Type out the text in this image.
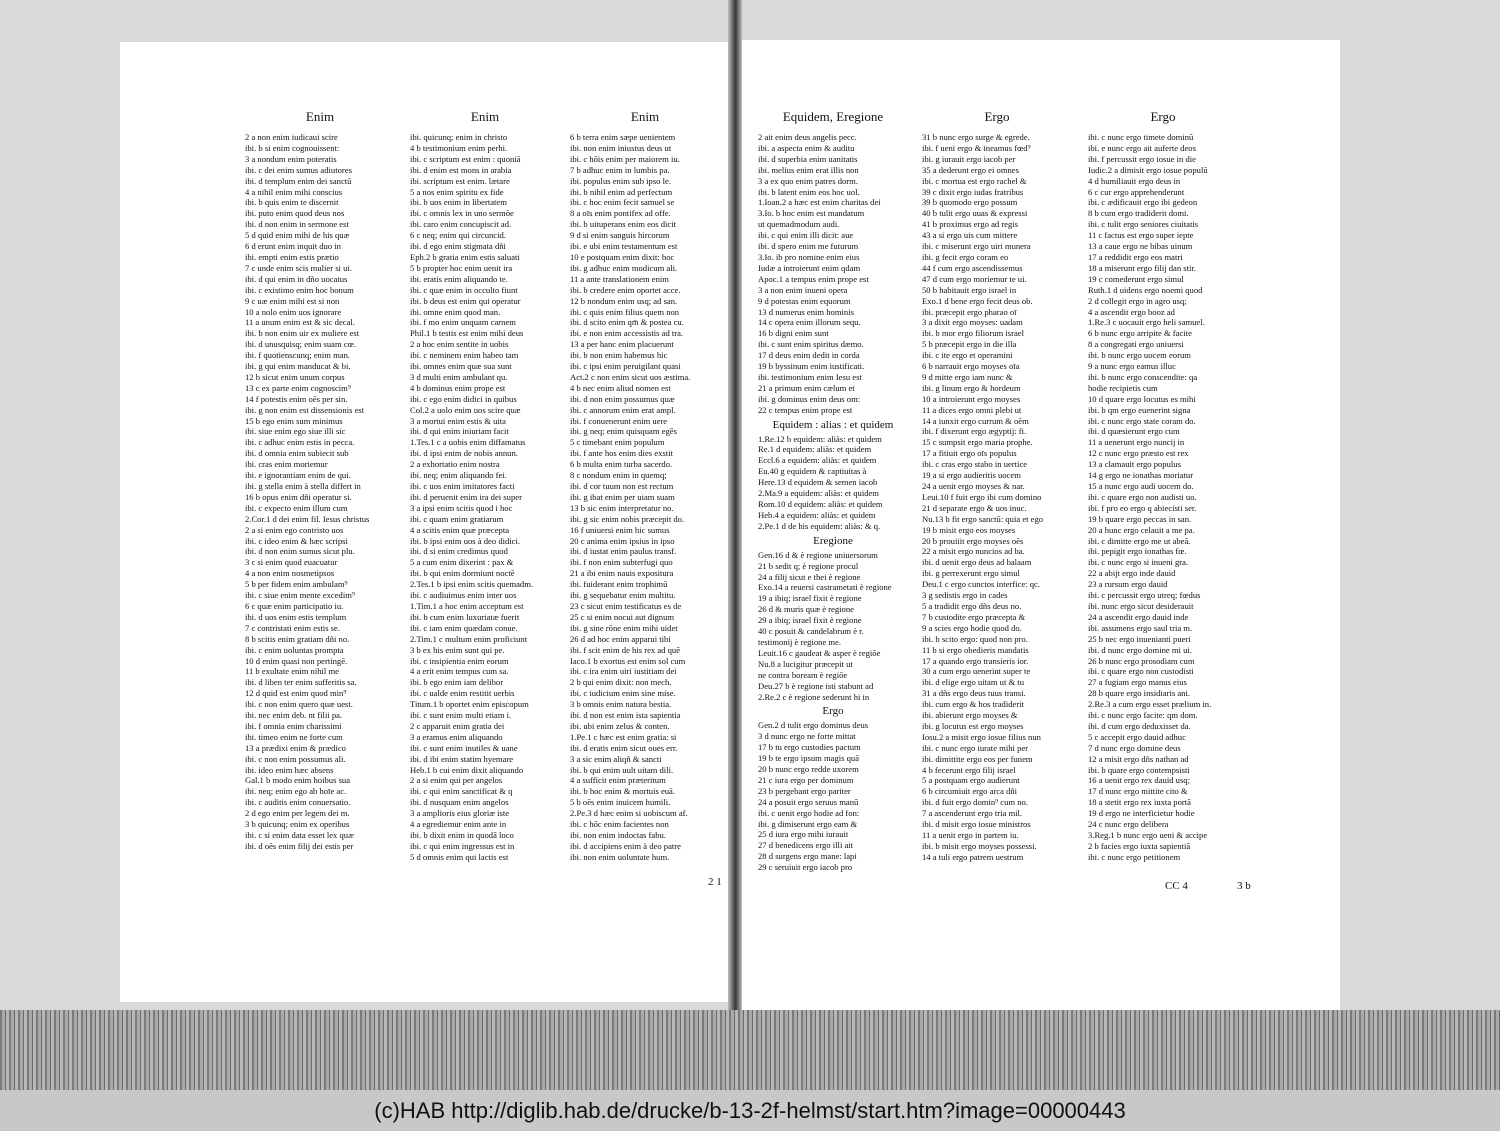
Enim
2 a non enim iudicaui scire
ibi. b si enim cognouissent:
3 a nondum enim poteratis
ibi. c dei enim sumus adiutores
ibi. d templum enim dei sanctū
4 a nihil enim mihi conscius
ibi. b quis enim te discernit
ibi. puto enim quod deus nos
ibi. d non enim in sermone est
5 d quid enim mihi de his quæ
6 d erunt enim inquit duo in
ibi. empti enim estis prætio
7 c unde enim scis mulier si ui.
ibi. d qui enim in dño uocatus
ibi. c existimo enim hoc bonum
9 c uæ enim mihi est si non
10 a nolo enim uos ignorare
11 a unum enim est & sic decal.
ibi. b non enim uir ex muliere est
ibi. d unusquisq; enim suam cœ.
ibi. f quotienscunq; enim man.
ibi. g qui enim manducat & bi.
12 b sicut enim unum corpus
13 c ex parte enim cognoscim⁹
14 f potestis enim oēs per sin.
ibi. g non enim est dissensionis est
15 b ego enim sum minimus
ibi. siue enim ego siue illi sic
ibi. c adhuc enim estis in pecca.
ibi. d omnia enim subiecit sub
ibi. cras enim moriemur
ibi. e ignorantiam enim de qui.
ibi. g stella enim à stella differt in
16 b opus enim dñi operatur si.
ibi. c expecto enim illum cum
2.Cor.1 d dei enim fil. Iesus christus
2 a si enim ego contristo uos
ibi. c ideo enim & hæc scripsi
ibi. d non enim sumus sicut plu.
3 c si enim quod euacuatur
4 a non enim nosmetipsos
5 b per fidem enim ambulam⁹
ibi. c siue enim mente excedim⁹
6 c quæ enim participatio iu.
ibi. d uos enim estis templum
7 c contristati enim estis se.
8 b scitis enim gratiam dñi no.
ibi. c enim uoluntas prompta
10 d enim quasi non pertingē.
11 b exultate enim nihil me
ibi. d liben ter enim sufferitis sa.
12 d quid est enim quod min⁹
ibi. c non enim quero quæ uest.
ibi. nec enim deb. nt filii pa.
ibi. f omnia enim charissimi
ibi. timeo enim ne forte cum
13 a prædixi enim & prædico
ibi. c non enim possumus ali.
ibi. ideo enim hæc absens
Gal.1 b modo enim hoibus sua
ibi. neq; enim ego ab hoīe ac.
ibi. c auditis enim conuersatio.
2 d ego enim per legem dei m.
3 b quicunq; enim ex operibus
ibi. c si enim data esset lex quæ
ibi. d oēs enim filij dei estis per
Enim
ibi. quicunq; enim in christo
4 b testimonium enim perhi.
ibi. c scriptum est enim : quoniā
ibi. d enim est mons in arabia
ibi. scriptum est enim. lætare
5 a nos enim spiritu ex fide
ibi. b uos enim in libertatem
ibi. c omnis lex in uno sermōe
ibi. caro enim concupiscit ad.
6 c neq; enim qui circuncid.
ibi. d ego enim stigmata dñi
Eph.2 b gratia enim estis saluati
5 b propter hoc enim uenit ira
ibi. eratis enim aliquando te.
ibi. c quæ enim in occulto fiunt
ibi. b deus est enim qui operatur
ibi. omne enim quod man.
ibi. f mo enim unquam carnem
Phil.1 b testis est enim mihi deus
2 a hoc enim sentite in uobis
ibi. c neminem enim habeo tam
ibi. omnes enim quæ sua sunt
3 d multi enim ambulant qu.
4 b dominus enim prope est
ibi. c ego enim didici in quibus
Col.2 a uolo enim uos scire quæ
3 a mortui enim estis & uita
ibi. d qui enim iniuriam facit
1.Tes.1 c a uobis enim diffamatus
ibi. d ipsi enim de nobis annun.
2 a exhortatio enim nostra
ibi. neq; enim aliquando fei.
ibi. c uos enim imitatores facti
ibi. d peruenit enim ira dei super
3 a ipsi enim scitis quod i hoc
ibi. c quam enim gratiarum
4 a scitis enim quæ præcepta
ibi. b ipsi enim uos à deo didici.
ibi. d si enim credimus quod
5 a cum enim dixerint : pax &
ibi. b qui enim dormiunt noctē
2.Tes.1 b ipsi enim scitis quemadm.
ibi. c audiuimus enim inter uos
1.Tim.1 a hoc enim acceptum est
ibi. b cum enim luxuriatæ fuerit
ibi. c iam enim quædam conue.
2.Tim.1 c multum enim proficiunt
3 b ex his enim sunt qui pe.
ibi. c insipientia enim eorum
4 a erit enim tempus cum sa.
ibi. b ego enim iam delibor
ibi. c ualde enim restitit uerbis
Titum.1 b oportet enim episcopum
ibi. c sunt enim multi etiam i.
2 c apparuit enim gratia dei
3 a eramus enim aliquando
ibi. c sunt enim inutiles & uane
ibi. d ibi enim statim hyemare
Heb.1 b cui enim dixit aliquando
2 a si enim qui per angelos
ibi. c qui enim sanctificat & q
ibi. d nusquam enim angelos
3 a amplioris eius gloriæ iste
4 a egrediemur enim ante in
ibi. b dixit enim in quodā loco
ibi. c qui enim ingressus est in
5 d omnis enim qui lactis est
Enim
6 b terra enim sæpe uenientem
ibi. non enim iniustus deus ut
ibi. c hōis enim per maiorem iu.
7 b adhuc enim in lumbis pa.
ibi. populus enim sub ipso le.
ibi. b nihil enim ad perfectum
ibi. c hoc enim fecit samuel se
8 a oīs enim pontifex ad offe.
ibi. b uituperans enim eos dicit
9 d si enim sanguis hircorum
ibi. e ubi enim testamentum est
10 e postquam enim dixit: hoc
ibi. g adhuc enim modicum ali.
11 a ante translationem enim
ibi. b credere enim oportet acce.
12 b nondum enim usq; ad san.
ibi. c quis enim filius quem non
ibi. d scito enim qm̄ & postea cu.
ibi. e non enim accessistis ad tra.
13 a per hanc enim placuerunt
ibi. b non enim habemus hic
ibi. c ipsi enim peruigilant quasi
Act.2 c non enim sicut uos æstima.
4 b nec enim aliud nomen est
ibi. d non enim possumus quæ
ibi. c annorum enim erat ampl.
ibi. f conuenerunt enim uere
ibi. g neq; enim quisquam egēs
5 c timebant enim populum
ibi. f ante hos enim dies exstit
6 b multa enim turba sacerdo.
8 c nondum enim in quemq;
ibi. d cor tuum non est rectum
ibi. g ibat enim per uiam suam
13 b sic enim interpretatur no.
ibi. g sic enim nobis præcepit do.
16 f uniuersi enim hic sumus
20 c anima enim ipsius in ipso
ibi. d iustat enim paulus transf.
ibi. f non enim subterfugi quo
21 a ibi enim nauis expositura
ibi. fuiderant enim trophimū
ibi. g sequebatur enim multitu.
23 c sicut enim testificatus es de
25 c si enim nocui aut dignum
ibi. g sine rōne enim mihi uidet
26 d ad hoc enim apparui tibi
ibi. f scit enim de his rex ad quē
Iaco.1 b exortus est enim sol cum
ibi. c ira enim uiri iustitiam dei
2 b qui enim dixit: non mech.
ibi. c iudicium enim sine mise.
3 b omnis enim natura bestia.
ibi. d non est enim ista sapientia
ibi. ubi enim zelus & conten.
1.Pe.1 c hæc est enim gratia: si
ibi. d eratis enim sicut oues err.
3 a sic enim aliqñ & sancti
ibi. b qui enim uult uitam dili.
4 a sufficit enim præteritum
ibi. b hoc enim & mortuis euā.
5 b oēs enim inuicem humili.
2.Pe.3 d hæc enim si uobiscum af.
ibi. c hōc enim facientes non
ibi. non enim indoctas fabu.
ibi. d accipiens enim à deo patre
ibi. non enim uoluntate hum.
2 1
Equidem, Eregione
2 ait enim deus angelis pecc.
ibi. a aspecta enim & auditu
ibi. d superbia enim uanitatis
ibi. melius enim erat illis non
3 a ex quo enim patres dorm.
ibi. b latent enim eos hoc uol.
1.Ioan.2 a hæc est enim charitas dei
3.Io. b hoc enim est mandatum
ut quemadmodum audi.
ibi. c qui enim illi dicit: aue
ibi. d spero enim me futurum
3.Io. ib pro nomine enim eius
Iudæ a introierunt enim qdam
Apoc.1 a tempus enim prope est
3 a non enim inueni opera
9 d potestas enim equorum
13 d numerus enim hominis
14 c opera enim illorum sequ.
16 b digni enim sunt
ibi. c sunt enim spiritus dæmo.
17 d deus enim dedit in corda
19 b byssinum enim iustificati.
ibi. testimonium enim Iesu est
21 a primum enim cælum et
ibi. g dominus enim deus om:
22 c tempus enim prope est
Equidem : alias : et quidem
1.Re.12 b equidem: aliàs: et quidem
Re.1 d equidem: aliàs: et quidem
Eccl.6 a equidem: aliàs: et quidem
Eu.40 g equidem & captiuitas à
Here.13 d equidem & semen iacob
2.Ma.9 a equidem: aliàs: et quidem
Rom.10 d equidem: aliàs: et quidem
Heb.4 a equidem: aliàs: et quidem
2.Pe.1 d de his equidem: aliàs: & q.
Eregione
Gen.16 d & è regione uniuersorum
21 b sedit q; è regione procul
24 a filij sicut e thei è regione
Exo.14 a reuersi castrametati è regione
19 a ibiq; israel fixit è regione
26 d & muris quæ è regione
29 a ibiq; israel fixit è regione
40 c posuit & candelabrum è r.
testimonij è regione me.
Leuit.16 c gaudeat & asper è regiōe
Nu.8 a lucigitur præcepit ut
ne contra boream è regiōe
Deu.27 b è regione isti stabunt ad
2.Re.2 c è regione sederunt hi in
Ergo
Gen.2 d tulit ergo dominus deus
3 d nunc ergo ne forte mittat
17 b tu ergo custodies pactum
19 b te ergo ipsum magis quā
20 b nunc ergo redde uxorem
21 c iura ergo per dominum
23 b pergebant ergo pariter
24 a posuit ergo seruus manū
ibi. c uenit ergo hodie ad fon:
ibi. g dimiserunt ergo eam &
25 d iura ergo mihi iurauit
27 d benedicens ergo illi ait
28 d surgens ergo mane: lapi
29 c seruiuit ergo iacob pro
Ergo
31 b nunc ergo surge & egrede.
ibi. f ueni ergo & ineamus fœd⁹
ibi. g iurauit ergo iacob per
35 a dederunt ergo ei omnes
ibi. c mortua est ergo rachel &
39 c dixit ergo iudas fratribus
39 b quomodo ergo possum
40 b tulit ergo uuas & expressi
41 b proximus ergo ad regis
43 a si ergo uis cum mittere
ibi. c miserunt ergo uiri munera
ibi. g fecit ergo coram eo
44 f cum ergo ascendissemus
47 d cum ergo moriemur te ui.
50 b habitauit ergo israel in
Exo.1 d bene ergo fecit deus ob.
ibi. præcepit ergo pharao oī
3 a dixit ergo moyses: uadam
ibi. b mor ergo filiorum israel
5 b præcepit ergo in die illa
ibi. c ite ergo et operamini
6 b narrauit ergo moyses oīa
9 d mitte ergo iam nunc &
ibi. g linum ergo & hordeum
10 a introierunt ergo moyses
11 a dices ergo omni plebi ut
14 a iunxit ergo currum & oēm
ibi. f dixerunt ergo ægyptij: fi.
15 c sumpsit ergo maria prophe.
17 a fitiuit ergo oīs populus
ibi. c cras ergo stabo in uertice
19 a si ergo audieritis uocem
24 a uenit ergo moyses & nar.
Leui.10 f fuit ergo ibi cum domino
21 d separate ergo & uos inuc.
Nu.13 b fit ergo sanctū: quia et ego
19 b misit ergo eos moyses
20 b prouiiit ergo moyses oēs
22 a misit ergo nuncios ad ba.
ibi. d uenit ergo deus ad balaam
ibi. g perrexerunt ergo simul
Deu.1 c ergo cunctos interfice: qc.
3 g sedistis ergo in cades
5 a tradidit ergo dñs deus no.
7 b custodite ergo præcepta &
9 a scies ergo hodie quod do.
ibi. b scito ergo: quod non pro.
11 b si ergo obedieris mandatis
17 a quando ergo transieris ior.
30 a cum ergo uenerint super te
ibi. d elige ergo uitam ut & tu
31 a dñs ergo deus tuus transi.
ibi. cum ergo & hos tradiderit
ibi. abierunt ergo moyses &
ibi. g locutus est ergo moyses
Iosu.2 a misit ergo iosue filius nun
ibi. c nunc ergo iurate mihi per
ibi. dimittite ergo eos per funem
4 b fecerunt ergo filij israel
5 a postquam ergo audierunt
6 b circumiuit ergo arca dñi
ibi. d fuit ergo domin⁹ cum no.
7 a ascenderunt ergo tria mil.
ibi. d misit ergo iosue ministros
11 a uenit ergo in partem iu.
ibi. b misit ergo moyses possessi.
14 a tuli ergo patrem uestrum
Ergo
ibi. c nunc ergo timete dominū
ibi. e nunc ergo ait auferte deos
ibi. f percussit ergo iosue in die
Iudic.2 a dimisit ergo iosue populū
4 d humiliauit ergo deus in
6 c cur ergo apprehenderunt
ibi. c ædificauit ergo ibi gedeon
8 b cum ergo tradiderit domi.
ibi. c tulit ergo seniores ciuitatis
11 c factus est ergo super iepte
13 a caue ergo ne bibas uinum
17 a reddidit ergo eos matri
18 a miserunt ergo filij dan stir.
19 c comederunt ergo simul
Ruth.1 d uidens ergo noemi quod
2 d collegit ergo in agro usq;
4 a ascendit ergo booz ad
1.Re.3 c uocauit ergo heli samuel.
6 b nunc ergo arripite & facite
8 a congregati ergo uniuersi
ibi. b nunc ergo uocem eorum
9 a nunc ergo eamus illuc
ibi. b nunc ergo conscendite: qa
hodie recipietis cum
10 d quare ergo locutus es mihi
ibi. b qm ergo euenerint signa
ibi. c nunc ergo state coram do.
ibi. d quæsierunt ergo cum
11 a uenerunt ergo nuncij in
12 c nunc ergo præsto est rex
13 a clamauit ergo populus
14 g ergo ne ionathas moriatur
15 a nunc ergo audi uocem do.
ibi. c quare ergo non audisti uo.
ibi. f pro eo ergo q abiecisti ser.
19 b quare ergo peccas in san.
20 a hunc ergo celauit a me pa.
ibi. c dimitte ergo me ut abeā.
ibi. pepigit ergo ionathas fœ.
ibi. c nunc ergo si inueni gra.
22 a abijt ergo inde dauid
23 a rursum ergo dauid
ibi. c percussit ergo utreq; fœdus
ibi. nunc ergo sicut desiderauit
24 a ascendit ergo dauid inde
ibi. assumens ergo saul tria m.
25 b nec ergo inuenianti pueri
ibi. d nunc ergo domine mi ui.
26 b nunc ergo prosodiam cum
ibi. c quare ergo non custodisti
27 a fugiam ergo manus eius
28 b quare ergo insidiaris ani.
2.Re.3 a cum ergo esset prælium in.
ibi. c nunc ergo facite: qm dom.
ibi. d cum ergo deduxisset da.
5 c accepit ergo dauid adhuc
7 d nunc ergo domine deus
12 a misit ergo dñs nathan ad
ibi. b quare ergo contempsisti
16 a uenit ergo rex dauid usq;
17 d nunc ergo mittite cito &
18 a stetit ergo rex iuxta portā
19 d ergo ne interficietur hodie
24 c nunc ergo delibera
3.Reg.1 b nunc ergo ueni & accipe
2 b facies ergo iuxta sapientiā
ibi. c nunc ergo petitionem
CC 4	3 b
(c)HAB http://diglib.hab.de/drucke/b-13-2f-helmst/start.htm?image=00000443
